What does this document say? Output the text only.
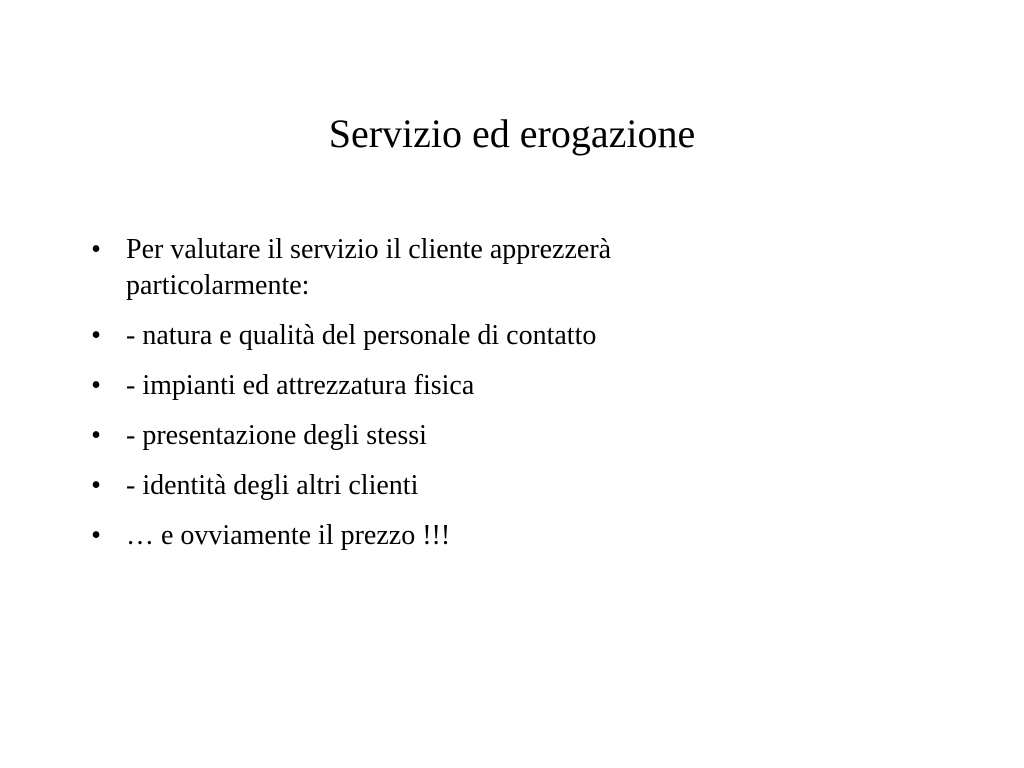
Servizio ed erogazione
• Per valutare il servizio il cliente apprezzerà particolarmente:
• - natura e qualità del personale di contatto
• - impianti ed attrezzatura fisica
• - presentazione degli stessi
• - identità degli altri clienti
• … e ovviamente il prezzo !!!
